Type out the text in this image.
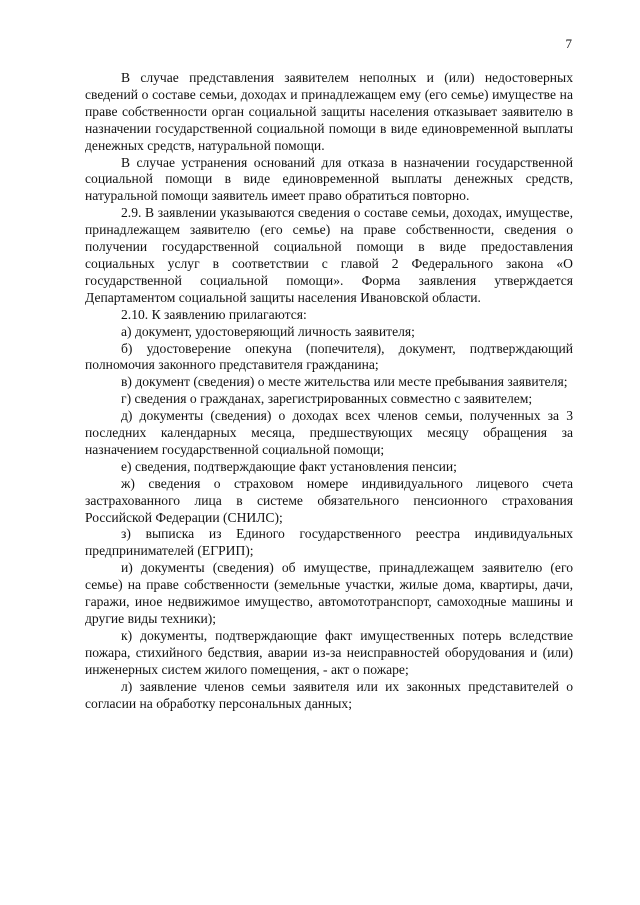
7

В случае представления заявителем неполных и (или) недостоверных сведений о составе семьи, доходах и принадлежащем ему (его семье) имуществе на праве собственности орган социальной защиты населения отказывает заявителю в назначении государственной социальной помощи в виде единовременной выплаты денежных средств, натуральной помощи.

В случае устранения оснований для отказа в назначении государственной социальной помощи в виде единовременной выплаты денежных средств, натуральной помощи заявитель имеет право обратиться повторно.

2.9. В заявлении указываются сведения о составе семьи, доходах, имуществе, принадлежащем заявителю (его семье) на праве собственности, сведения о получении государственной социальной помощи в виде предоставления социальных услуг в соответствии с главой 2 Федерального закона «О государственной социальной помощи». Форма заявления утверждается Департаментом социальной защиты населения Ивановской области.

2.10. К заявлению прилагаются:

а) документ, удостоверяющий личность заявителя;

б) удостоверение опекуна (попечителя), документ, подтверждающий полномочия законного представителя гражданина;

в) документ (сведения) о месте жительства или месте пребывания заявителя;

г) сведения о гражданах, зарегистрированных совместно с заявителем;

д) документы (сведения) о доходах всех членов семьи, полученных за 3 последних календарных месяца, предшествующих месяцу обращения за назначением государственной социальной помощи;

е) сведения, подтверждающие факт установления пенсии;

ж) сведения о страховом номере индивидуального лицевого счета застрахованного лица в системе обязательного пенсионного страхования Российской Федерации (СНИЛС);

з) выписка из Единого государственного реестра индивидуальных предпринимателей (ЕГРИП);

и) документы (сведения) об имуществе, принадлежащем заявителю (его семье) на праве собственности (земельные участки, жилые дома, квартиры, дачи, гаражи, иное недвижимое имущество, автомототранспорт, самоходные машины и другие виды техники);

к) документы, подтверждающие факт имущественных потерь вследствие пожара, стихийного бедствия, аварии из-за неисправностей оборудования и (или) инженерных систем жилого помещения, - акт о пожаре;

л) заявление членов семьи заявителя или их законных представителей о согласии на обработку персональных данных;
